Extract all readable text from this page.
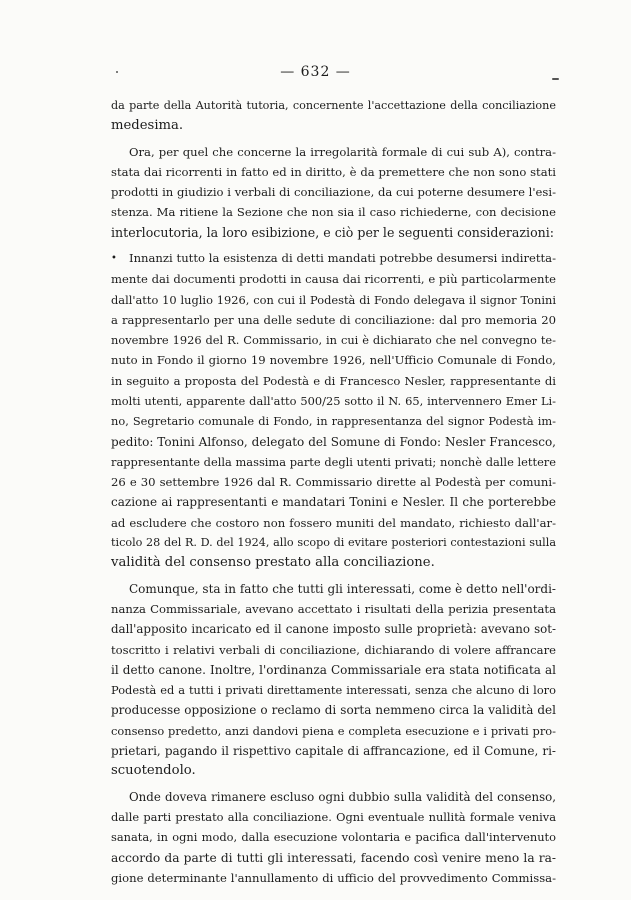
— 632 —
da parte della Autorità tutoria, concernente l'accettazione della conciliazione
medesima.
Ora, per quel che concerne la irregolarità formale di cui sub A), contra-
stata dai ricorrenti in fatto ed in diritto, è da premettere che non sono stati
prodotti in giudizio i verbali di conciliazione, da cui poterne desumere l'esi-
stenza. Ma ritiene la Sezione che non sia il caso richiederne, con decisione
interlocutoria, la loro esibizione, e ciò per le seguenti considerazioni:
• Innanzi tutto la esistenza di detti mandati potrebbe desumersi indiretta-
mente dai documenti prodotti in causa dai ricorrenti, e più particolarmente
dall'atto 10 luglio 1926, con cui il Podestà di Fondo delegava il signor Tonini
a rappresentarlo per una delle sedute di conciliazione: dal pro memoria 20
novembre 1926 del R. Commissario, in cui è dichiarato che nel convegno te-
nuto in Fondo il giorno 19 novembre 1926, nell'Ufficio Comunale di Fondo,
in seguito a proposta del Podestà e di Francesco Nesler, rappresentante di
molti utenti, apparente dall'atto 500/25 sotto il N. 65, intervennero Emer Li-
no, Segretario comunale di Fondo, in rappresentanza del signor Podestà im-
pedito: Tonini Alfonso, delegato del Somune di Fondo: Nesler Francesco,
rappresentante della massima parte degli utenti privati; nonchè dalle lettere
26 e 30 settembre 1926 dal R. Commissario dirette al Podestà per comuni-
cazione ai rappresentanti e mandatari Tonini e Nesler. Il che porterebbe
ad escludere che costoro non fossero muniti del mandato, richiesto dall'ar-
ticolo 28 del R. D. del 1924, allo scopo di evitare posteriori contestazioni sulla
validità del consenso prestato alla conciliazione.
Comunque, sta in fatto che tutti gli interessati, come è detto nell'ordi-
nanza Commissariale, avevano accettato i risultati della perizia presentata
dall'apposito incaricato ed il canone imposto sulle proprietà: avevano sot-
toscritto i relativi verbali di conciliazione, dichiarando di volere affrancare
il detto canone. Inoltre, l'ordinanza Commissariale era stata notificata al
Podestà ed a tutti i privati direttamente interessati, senza che alcuno di loro
producesse opposizione o reclamo di sorta nemmeno circa la validità del
consenso predetto, anzi dandovi piena e completa esecuzione e i privati pro-
prietari, pagando il rispettivo capitale di affrancazione, ed il Comune, ri-
scuotendolo.
Onde doveva rimanere escluso ogni dubbio sulla validità del consenso,
dalle parti prestato alla conciliazione. Ogni eventuale nullità formale veniva
sanata, in ogni modo, dalla esecuzione volontaria e pacifica dall'intervenuto
accordo da parte di tutti gli interessati, facendo così venire meno la ra-
gione determinante l'annullamento di ufficio del provvedimento Commissa-
